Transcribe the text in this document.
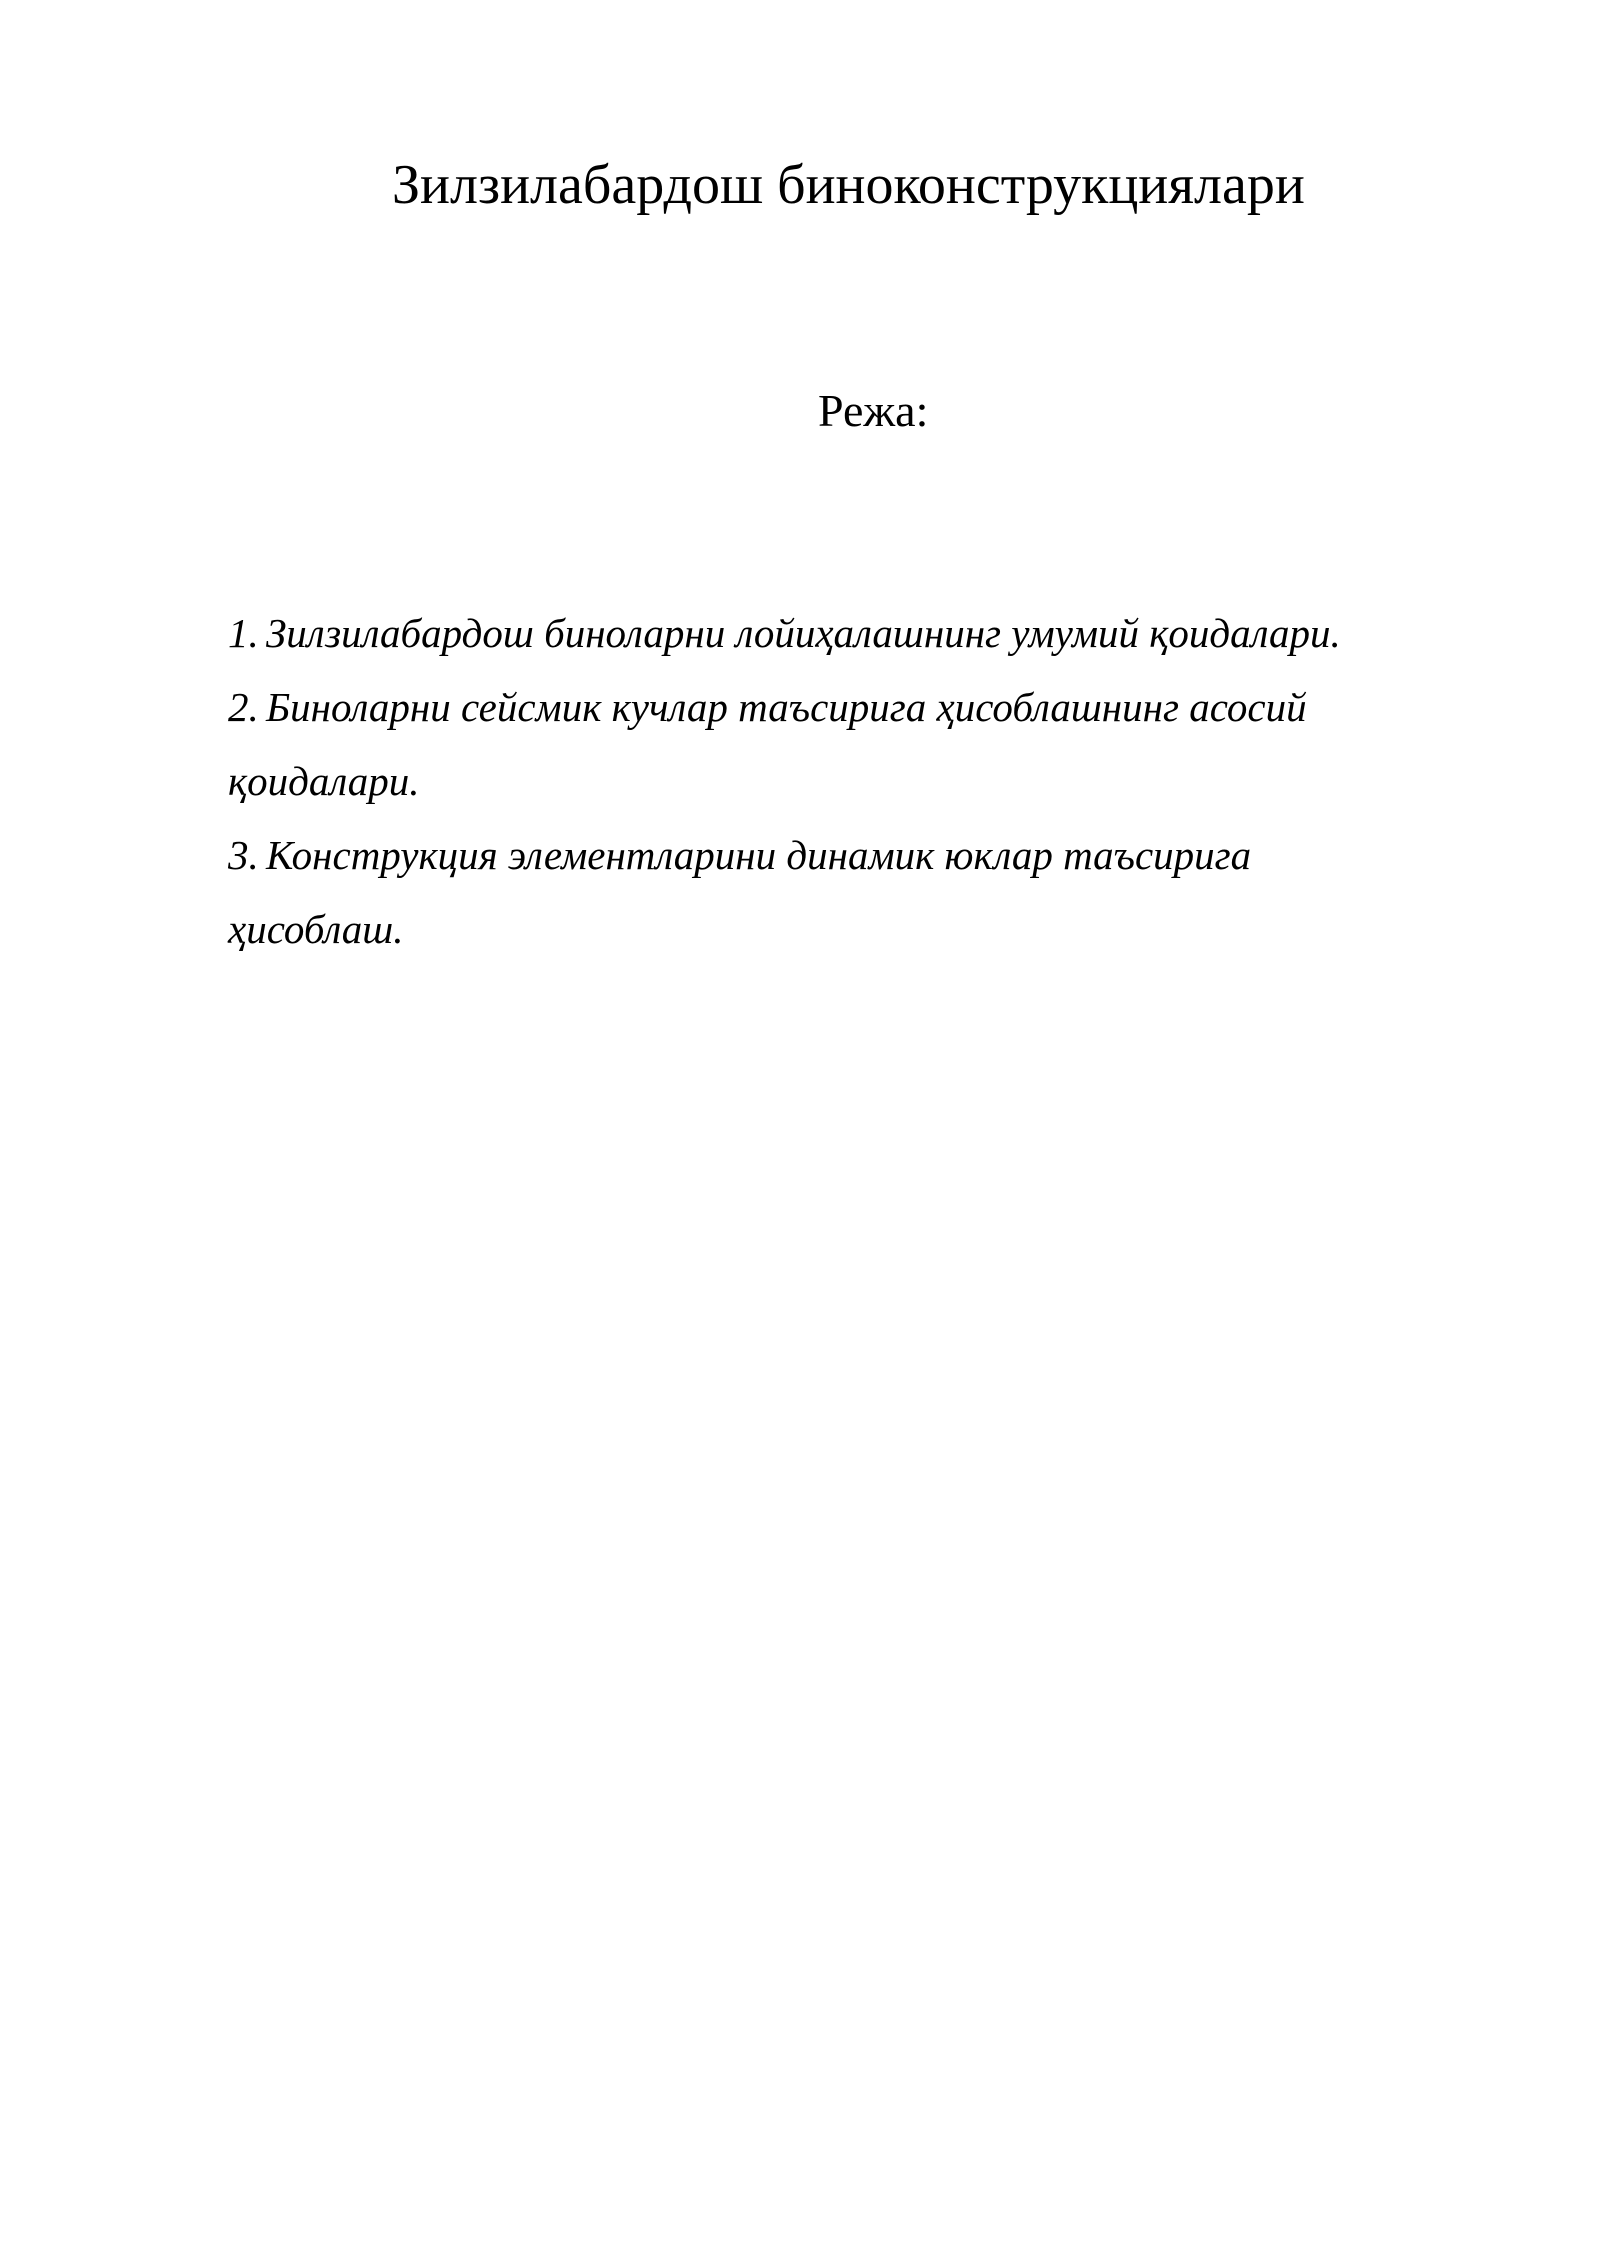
Зилзилабардош биноконструкциялари
Режа:
1. Зилзилабардош биноларни лойиҳалашнинг умумий қоидалари.
2. Биноларни сейсмик кучлар таъсирига ҳисоблашнинг асосий
қоидалари.
3. Конструкция элементларини динамик юклар таъсирига
ҳисоблаш.
